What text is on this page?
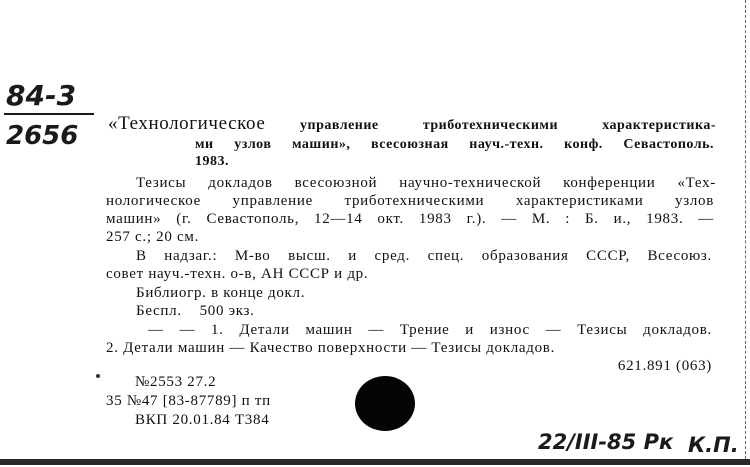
84-3
2656 «Технологическое управление триботехническими характеристика-
ми узлов машин», всесоюзная науч.-техн. конф. Севастополь.
1983.
Тезисы докладов всесоюзной научно-технической конференции «Тех-
нологическое управление триботехническими характеристиками узлов
машин» (г. Севастополь, 12—14 окт. 1983 г.). — М. : Б. и., 1983. —
257 с.; 20 см.
В надзаг.: М-во высш. и сред. спец. образования СССР, Всесоюз.
совет науч.-техн. о-в, АН СССР и др.
Библиогр. в конце докл.
Беспл.    500 экз.
— — 1. Детали машин — Трение и износ — Тезисы докладов.
2. Детали машин — Качество поверхности — Тезисы докладов.
621.891 (063)
№2553 27.2
35 №47 [83-87789] п тп
ВКП 20.01.84 Т384
22/III-85 Рк К.П.
